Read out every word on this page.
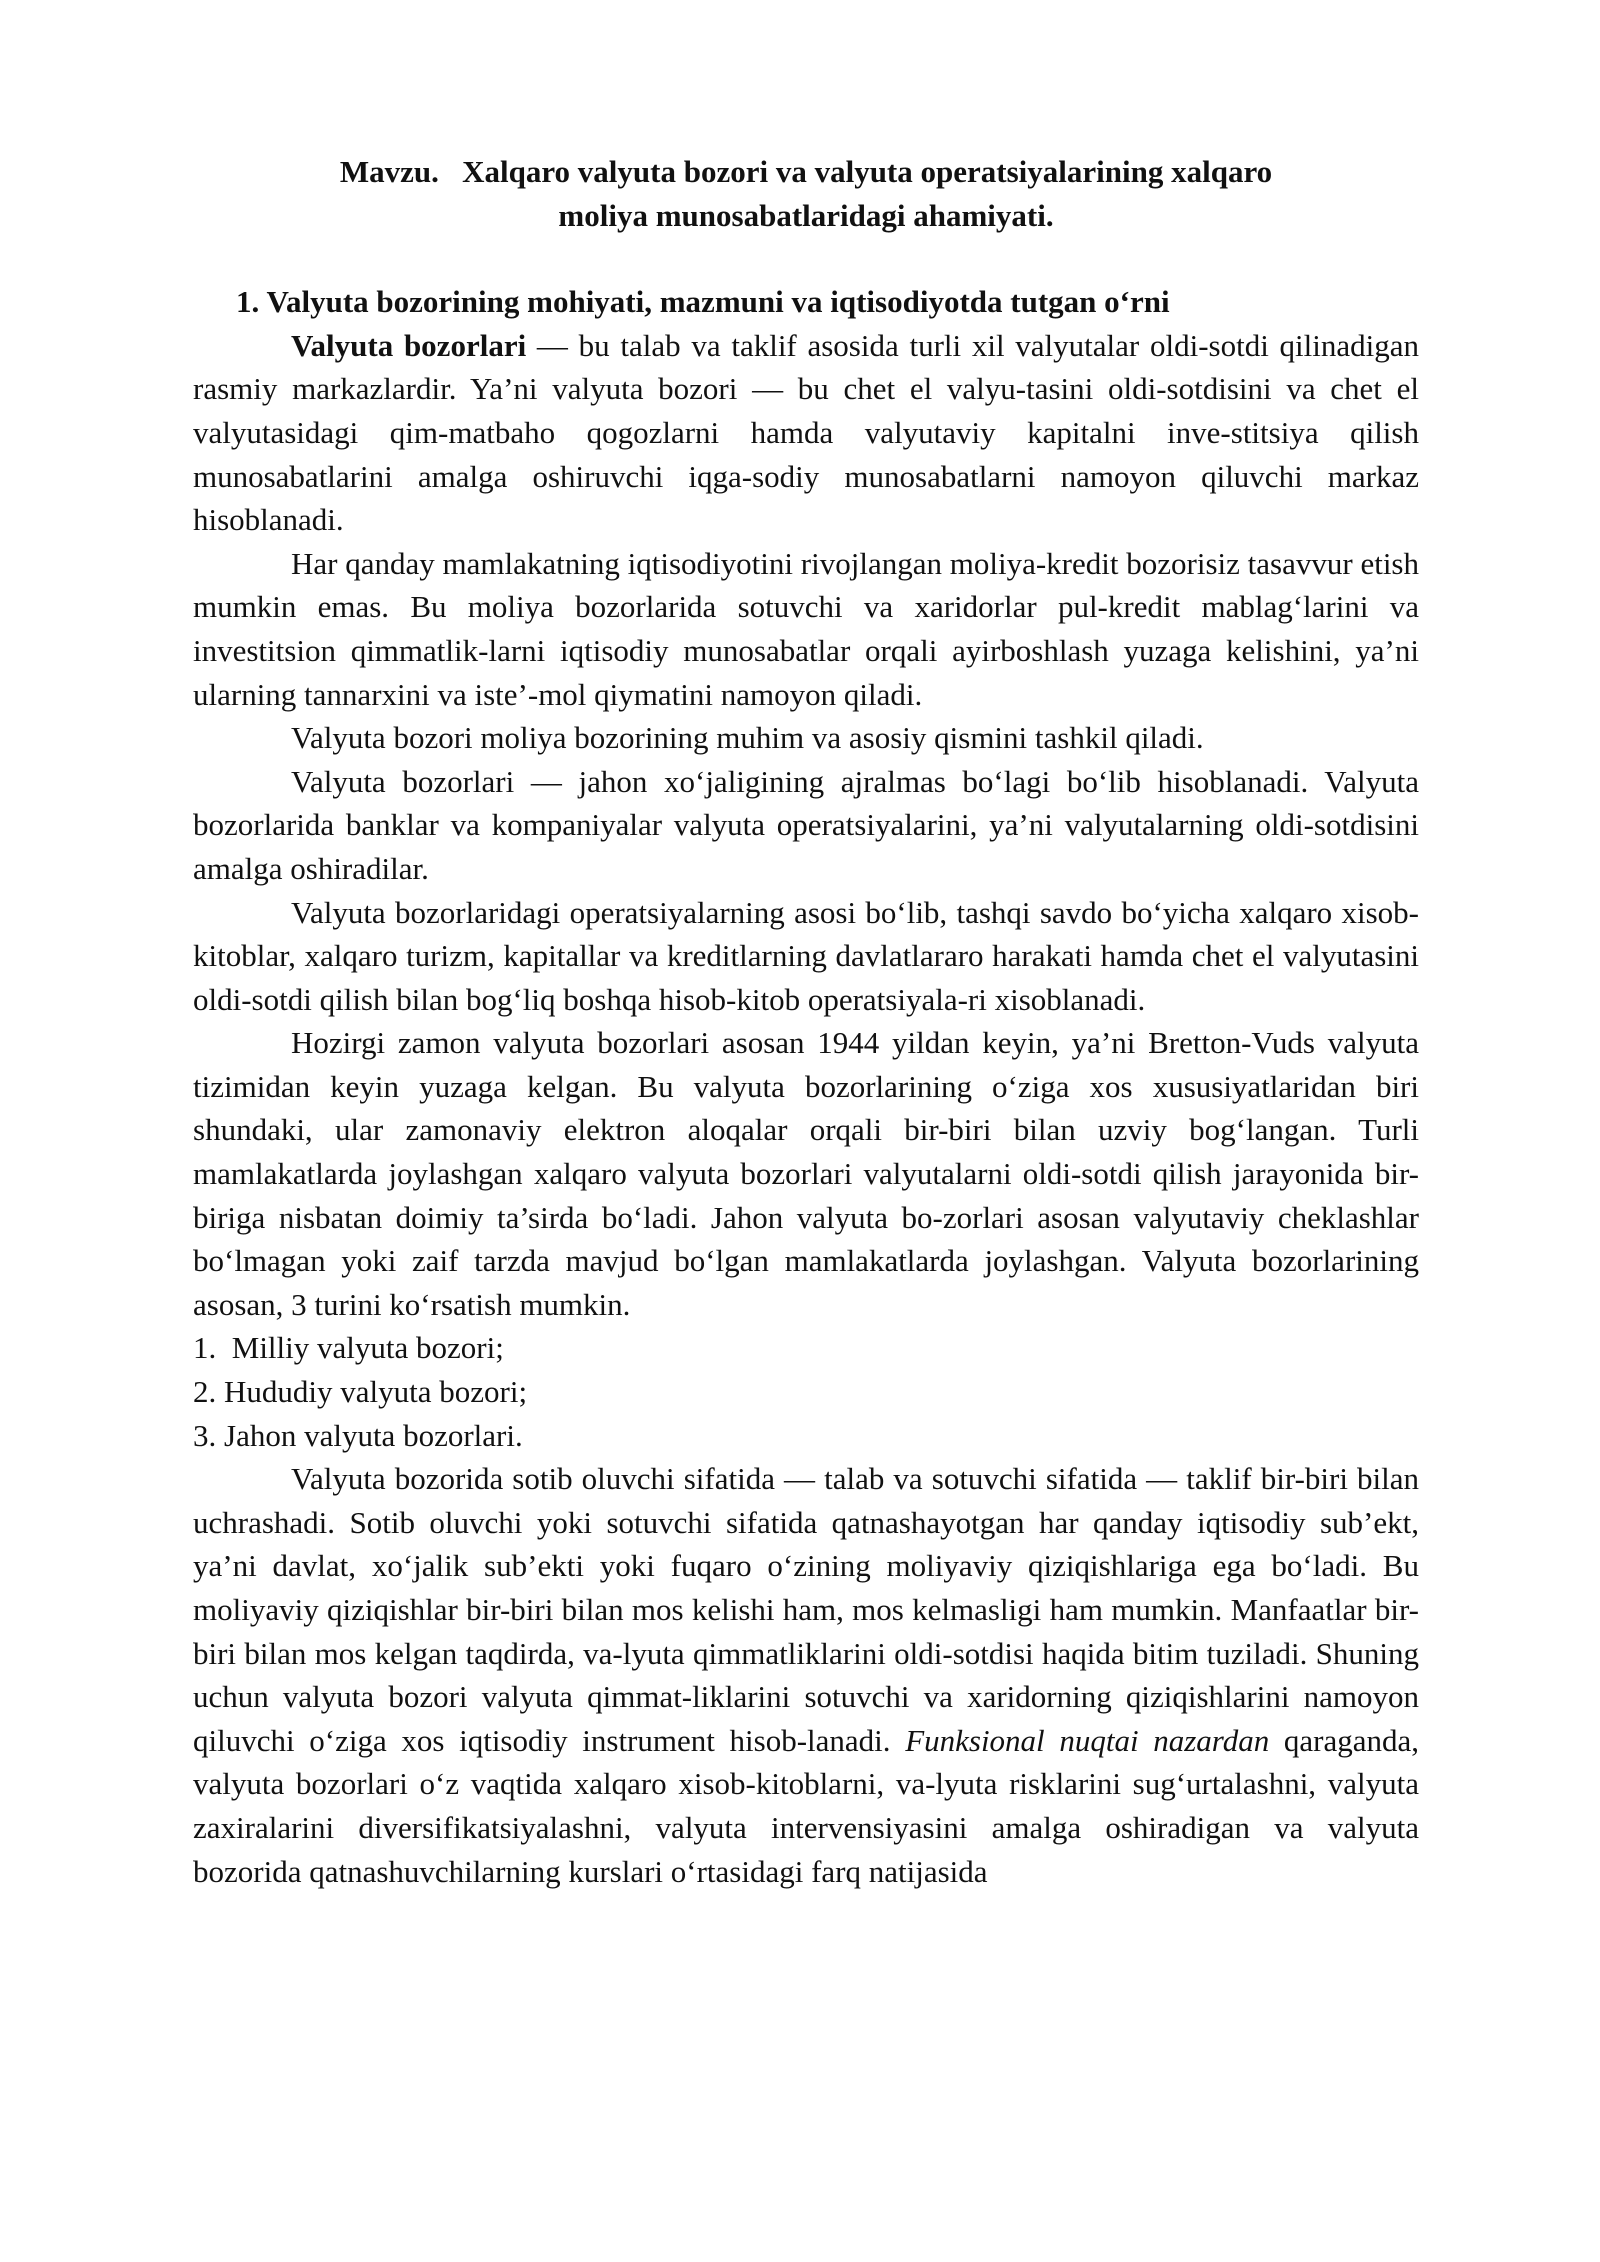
Mavzu.   Xalqaro valyuta bozori va valyuta operatsiyalarining xalqaro
moliya munosabatlaridagi ahamiyati.
1. Valyuta bozorining mohiyati, mazmuni va iqtisodiyotda tutgan o‘rni

Valyuta bozorlari — bu talab va taklif asosida turli xil valyutalar oldi-sotdi qilinadigan rasmiy markazlardir. Ya’ni valyuta bozori — bu chet el valyu-tasini oldi-sotdisini va chet el valyutasidagi qim-matbaho qogozlarni hamda valyutaviy kapitalni inve-stitsiya qilish munosabatlarini amalga oshiruvchi iqga-sodiy munosabatlarni namoyon qiluvchi markaz hisoblanadi.

Har qanday mamlakatning iqtisodiyotini rivojlangan moliya-kredit bozorisiz tasavvur etish mumkin emas. Bu moliya bozorlarida sotuvchi va xaridorlar pul-kredit mablag‘larini va investitsion qimmatlik-larni iqtisodiy munosabatlar orqali ayirboshlash yuzaga kelishini, ya’ni ularning tannarxini va iste’-mol qiymatini namoyon qiladi.

Valyuta bozori moliya bozorining muhim va asosiy qismini tashkil qiladi.

Valyuta bozorlari — jahon xo‘jaligining ajralmas bo‘lagi bo‘lib hisoblanadi. Valyuta bozorlarida banklar va kompaniyalar valyuta operatsiyalarini, ya’ni valyutalarning oldi-sotdisini amalga oshiradilar.

Valyuta bozorlaridagi operatsiyalarning asosi bo‘lib, tashqi savdo bo‘yicha xalqaro xisob-kitoblar, xalqaro turizm, kapitallar va kreditlarning davlatlararo harakati hamda chet el valyutasini oldi-sotdi qilish bilan bog‘liq boshqa hisob-kitob operatsiyala-ri xisoblanadi.

Hozirgi zamon valyuta bozorlari asosan 1944 yildan keyin, ya’ni Bretton-Vuds valyuta tizimidan keyin yuzaga kelgan. Bu valyuta bozorlarining o‘ziga xos xususiyatlaridan biri shundaki, ular zamonaviy elektron aloqalar orqali bir-biri bilan uzviy bog‘langan. Turli mamlakatlarda joylashgan xalqaro valyuta bozorlari valyutalarni oldi-sotdi qilish jarayonida bir-biriga nisbatan doimiy ta’sirda bo‘ladi. Jahon valyuta bo-zorlari asosan valyutaviy cheklashlar bo‘lmagan yoki zaif tarzda mavjud bo‘lgan mamlakatlarda joylashgan. Valyuta bozorlarining asosan, 3 turini ko‘rsatish mumkin.

1.  Milliy valyuta bozori;

2. Hududiy valyuta bozori;

3. Jahon valyuta bozorlari.

Valyuta bozorida sotib oluvchi sifatida — talab va sotuvchi sifatida — taklif bir-biri bilan uchrashadi. Sotib oluvchi yoki sotuvchi sifatida qatnashayotgan har qanday iqtisodiy sub’ekt, ya’ni davlat, xo‘jalik sub’ekti yoki fuqaro o‘zining moliyaviy qiziqishlariga ega bo‘ladi. Bu moliyaviy qiziqishlar bir-biri bilan mos kelishi ham, mos kelmasligi ham mumkin. Manfaatlar bir-biri bilan mos kelgan taqdirda, va-lyuta qimmatliklarini oldi-sotdisi haqida bitim tuziladi. Shuning uchun valyuta bozori valyuta qimmat-liklarini sotuvchi va xaridorning qiziqishlarini namoyon qiluvchi o‘ziga xos iqtisodiy instrument hisob-lanadi. Funksional nuqtai nazardan qaraganda, valyuta bozorlari o‘z vaqtida xalqaro xisob-kitoblarni, va-lyuta risklarini sug‘urtalashni, valyuta zaxiralarini diversifikatsiyalashni, valyuta intervensiyasini amalga oshiradigan va valyuta bozorida qatnashuvchilarning kurslari o‘rtasidagi farq natijasida
